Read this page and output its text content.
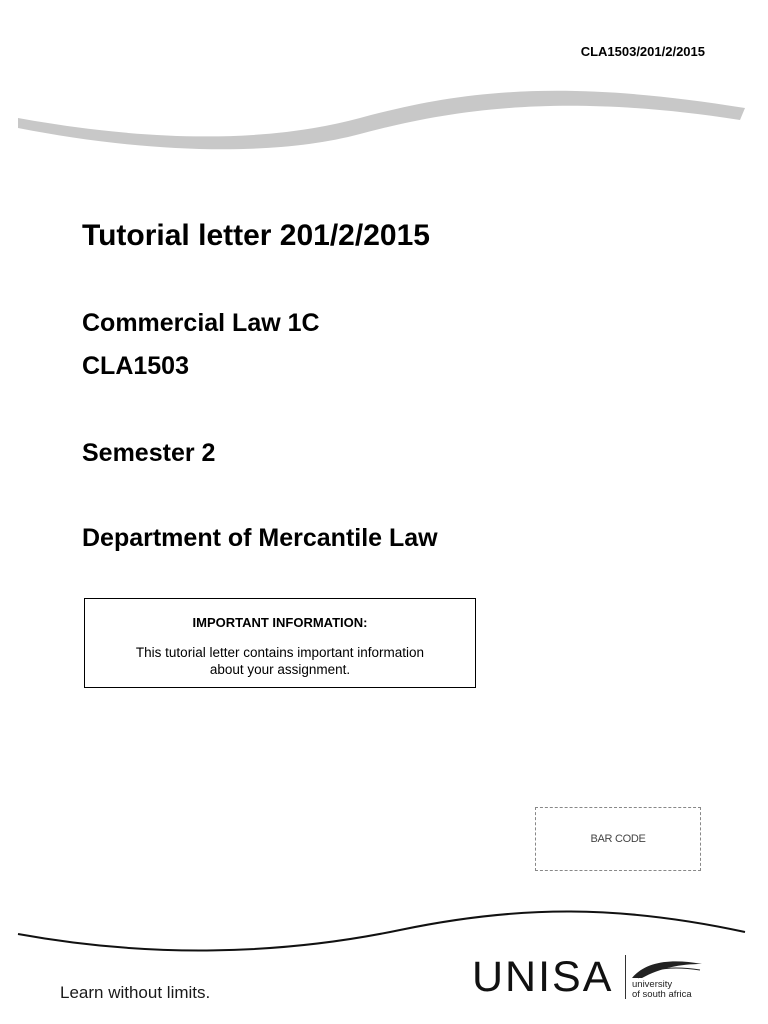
CLA1503/201/2/2015
Tutorial letter 201/2/2015
Commercial Law 1C
CLA1503
Semester 2
Department of Mercantile Law
IMPORTANT INFORMATION:
This tutorial letter contains important information
about your assignment.
BAR CODE
Learn without limits.	UNISA university
of south africa
